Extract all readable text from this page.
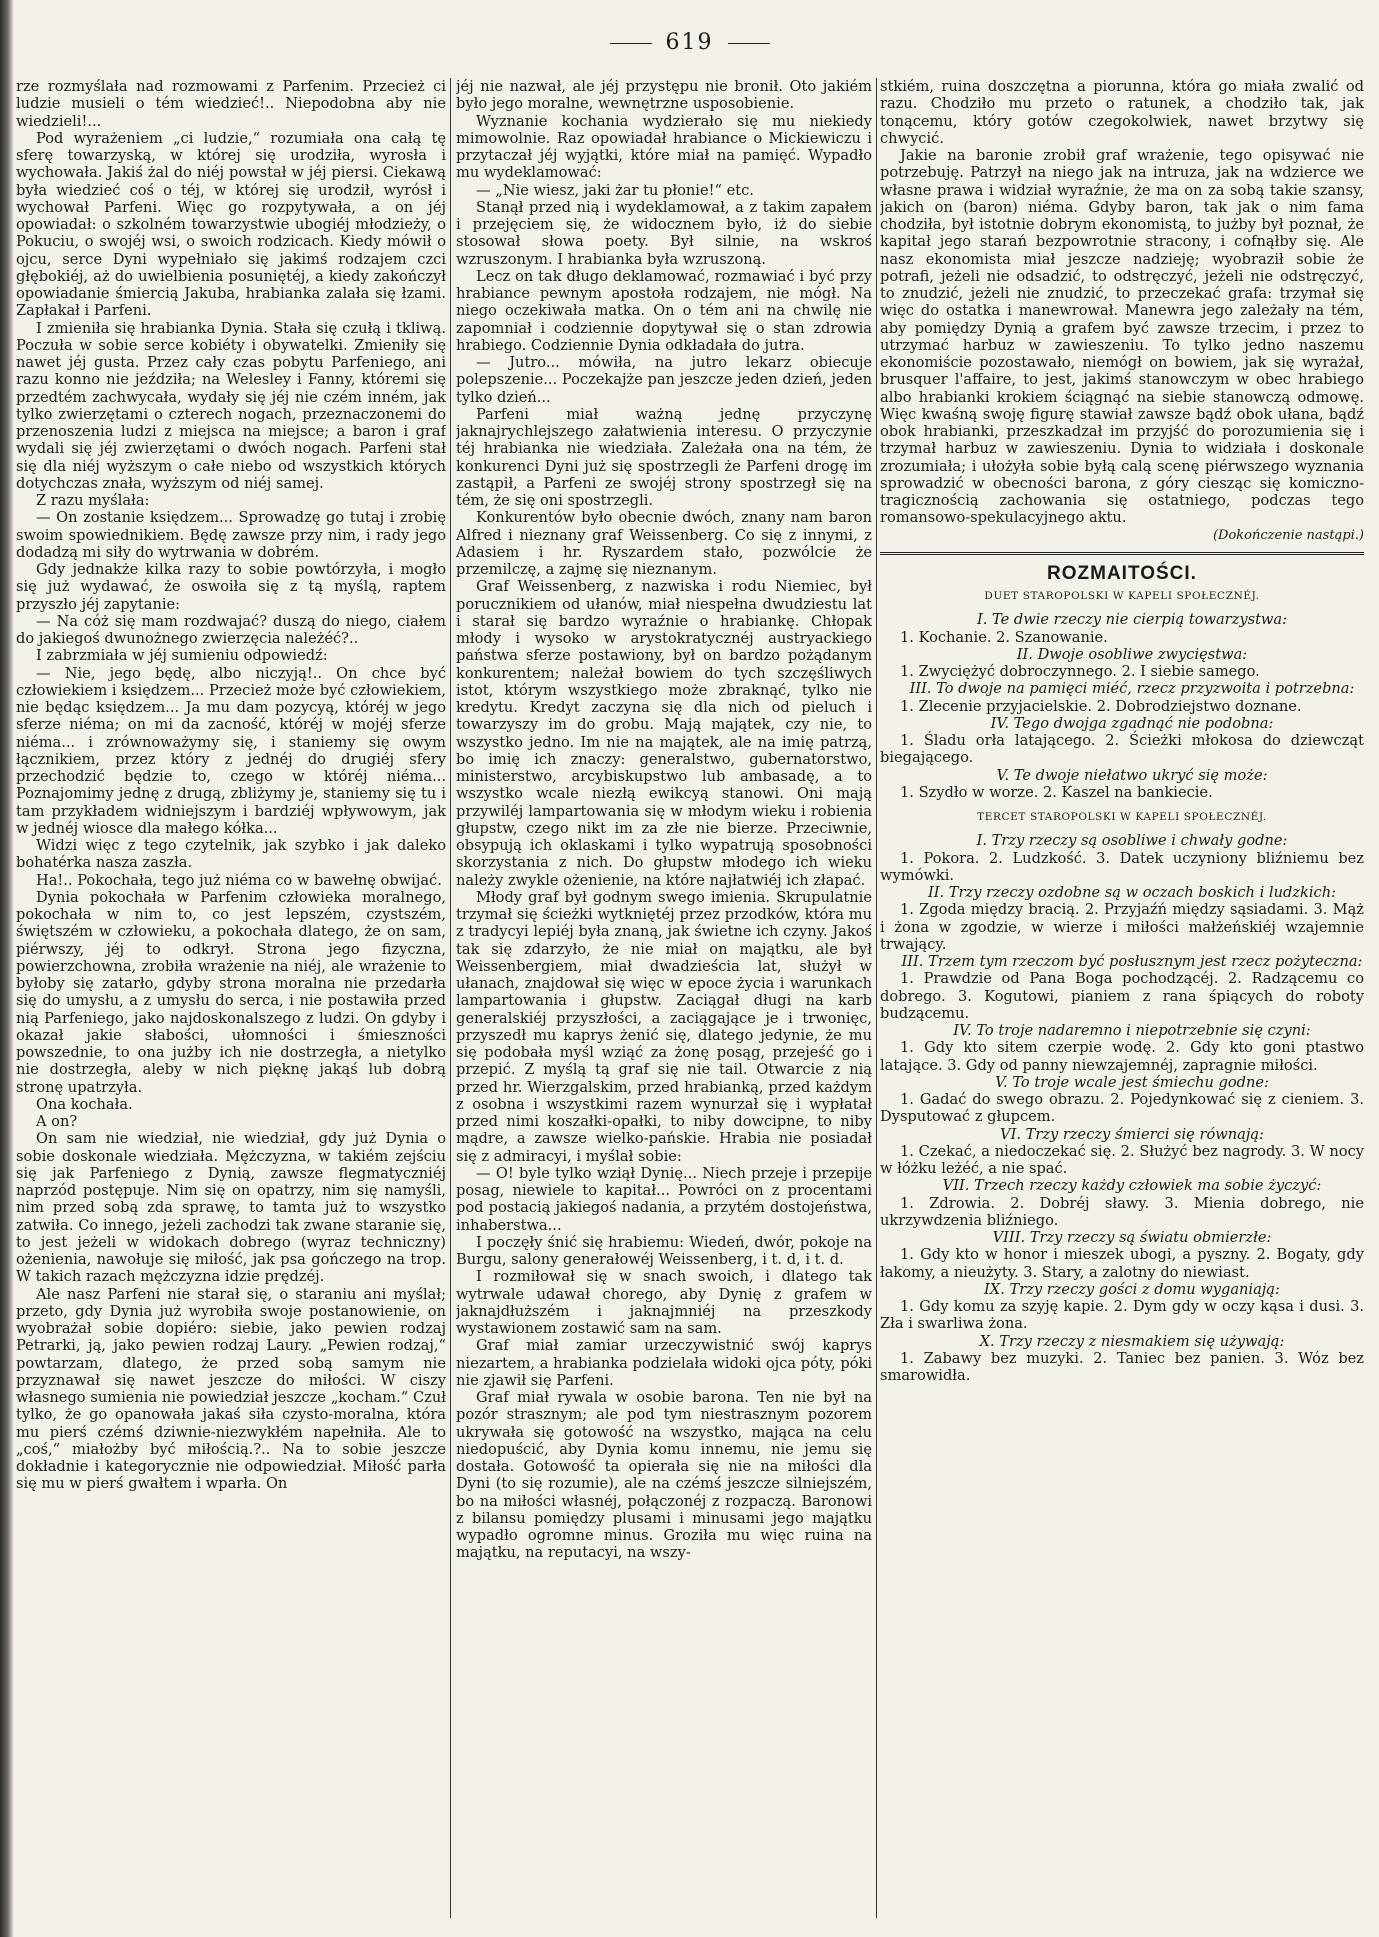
619

rze rozmyślała nad rozmowami z Parfenim. Przecież ci ludzie musieli o tém wiedzieć!.. Niepodobna aby nie wiedzieli!...

Pod wyrażeniem „ci ludzie,“ rozumiała ona całą tę sferę towarzyską, w której się urodziła, wyrosła i wychowała. Jakiś żal do niéj powstał w jéj piersi. Ciekawą była wiedzieć coś o téj, w której się urodził, wyrósł i wychował Parfeni. Więc go rozpytywała, a on jéj opowiadał: o szkolném towarzystwie ubogiéj młodzieży, o Pokuciu, o swojéj wsi, o swoich rodzicach. Kiedy mówił o ojcu, serce Dyni wypełniało się jakimś rodzajem czci głębokiéj, aż do uwielbienia posuniętéj, a kiedy zakończył opowiadanie śmiercią Jakuba, hrabianka zalała się łzami. Zapłakał i Parfeni.

I zmieniła się hrabianka Dynia. Stała się czułą i tkliwą. Poczuła w sobie serce kobiéty i obywatelki. Zmieniły się nawet jéj gusta. Przez cały czas pobytu Parfeniego, ani razu konno nie jeździła; na Welesley i Fanny, któremi się przedtém zachwycała, wydały się jéj nie czém inném, jak tylko zwierzętami o czterech nogach, przeznaczonemi do przenoszenia ludzi z miejsca na miejsce; a baron i graf wydali się jéj zwierzętami o dwóch nogach. Parfeni stał się dla niéj wyższym o całe niebo od wszystkich których dotychczas znała, wyższym od niéj samej.

Z razu myślała:

— On zostanie księdzem... Sprowadzę go tutaj i zrobię swoim spowiednikiem. Będę zawsze przy nim, i rady jego dodadzą mi siły do wytrwania w dobrém.

Gdy jednakże kilka razy to sobie powtórzyła, i mogło się już wydawać, że oswoiła się z tą myślą, raptem przyszło jéj zapytanie:

— Na cóż się mam rozdwajać? duszą do niego, ciałem do jakiegoś dwunożnego zwierzęcia należéć?..

I zabrzmiała w jéj sumieniu odpowiedź:

— Nie, jego będę, albo niczyją!.. On chce być człowiekiem i księdzem... Przecież może być człowiekiem, nie będąc księdzem... Ja mu dam pozycyą, któréj w jego sferze niéma; on mi da zacność, któréj w mojéj sferze niéma... i zrównoważymy się, i staniemy się owym łącznikiem, przez który z jednéj do drugiéj sfery przechodzić będzie to, czego w któréj niéma... Poznajomimy jednę z drugą, zbliżymy je, staniemy się tu i tam przykładem widniejszym i bardziéj wpływowym, jak w jednéj wiosce dla małego kółka...

Widzi więc z tego czytelnik, jak szybko i jak daleko bohatérka nasza zaszła.

Ha!.. Pokochała, tego już niéma co w bawełnę obwijać.

Dynia pokochała w Parfenim człowieka moralnego, pokochała w nim to, co jest lepszém, czystszém, świętszém w człowieku, a pokochała dlatego, że on sam, piérwszy, jéj to odkrył. Strona jego fizyczna, powierzchowna, zrobiła wrażenie na niéj, ale wrażenie to byłoby się zatarło, gdyby strona moralna nie przedarła się do umysłu, a z umysłu do serca, i nie postawiła przed nią Parfeniego, jako najdoskonalszego z ludzi. On gdyby i okazał jakie słabości, ułomności i śmieszności powszednie, to ona jużby ich nie dostrzegła, a nietylko nie dostrzegła, aleby w nich pięknę jakąś lub dobrą stronę upatrzyła.

Ona kochała.

A on?

On sam nie wiedział, nie wiedział, gdy już Dynia o sobie doskonale wiedziała. Mężczyzna, w takiém zejściu się jak Parfeniego z Dynią, zawsze flegmatyczniéj naprzód postępuje. Nim się on opatrzy, nim się namyśli, nim przed sobą zda sprawę, to tamta już to wszystko zatwiła. Co innego, jeżeli zachodzi tak zwane staranie się, to jest jeżeli w widokach dobrego (wyraz techniczny) ożenienia, nawołuje się miłość, jak psa gończego na trop. W takich razach mężczyzna idzie prędzéj.

Ale nasz Parfeni nie starał się, o staraniu ani myślał; przeto, gdy Dynia już wyrobiła swoje postanowienie, on wyobrażał sobie dopiéro: siebie, jako pewien rodzaj Petrarki, ją, jako pewien rodzaj Laury. „Pewien rodzaj,“ powtarzam, dlatego, że przed sobą samym nie przyznawał się nawet jeszcze do miłości. W ciszy własnego sumienia nie powiedział jeszcze „kocham.“ Czuł tylko, że go opanowała jakaś siła czysto-moralna, która mu pierś czémś dziwnie-niezwykłém napełniła. Ale to „coś,“ miałożby być miłością.?.. Na to sobie jeszcze dokładnie i kategorycznie nie odpowiedział. Miłość parła się mu w pierś gwałtem i wparła. On

jéj nie nazwał, ale jéj przystępu nie bronił. Oto jakiém było jego moralne, wewnętrzne usposobienie.

Wyznanie kochania wydzierało się mu niekiedy mimowolnie. Raz opowiadał hrabiance o Mickiewiczu i przytaczał jéj wyjątki, które miał na pamięć. Wypadło mu wydeklamować:

— „Nie wiesz, jaki żar tu płonie!“ etc.

Stanął przed nią i wydeklamował, a z takim zapałem i przejęciem się, że widocznem było, iż do siebie stosował słowa poety. Był silnie, na wskroś wzruszonym. I hrabianka była wzruszoną.

Lecz on tak długo deklamować, rozmawiać i być przy hrabiance pewnym apostoła rodzajem, nie mógł. Na niego oczekiwała matka. On o tém ani na chwilę nie zapomniał i codziennie dopytywał się o stan zdrowia hrabiego. Codziennie Dynia odkładała do jutra.

— Jutro... mówiła, na jutro lekarz obiecuje polepszenie... Poczekajże pan jeszcze jeden dzień, jeden tylko dzień...

Parfeni miał ważną jednę przyczynę jaknajrychlejszego załatwienia interesu. O przyczynie téj hrabianka nie wiedziała. Zależała ona na tém, że konkurenci Dyni już się spostrzegli że Parfeni drogę im zastąpił, a Parfeni ze swojéj strony spostrzegł się na tém, że się oni spostrzegli.

Konkurentów było obecnie dwóch, znany nam baron Alfred i nieznany graf Weissenberg. Co się z innymi, z Adasiem i hr. Ryszardem stało, pozwólcie że przemilczę, a zajmę się nieznanym.

Graf Weissenberg, z nazwiska i rodu Niemiec, był porucznikiem od ułanów, miał niespełna dwudziestu lat i starał się bardzo wyraźnie o hrabiankę. Chłopak młody i wysoko w arystokratycznéj austryackiego państwa sferze postawiony, był on bardzo pożądanym konkurentem; należał bowiem do tych szczęśliwych istot, którym wszystkiego może zbraknąć, tylko nie kredytu. Kredyt zaczyna się dla nich od pieluch i towarzyszy im do grobu. Mają majątek, czy nie, to wszystko jedno. Im nie na majątek, ale na imię patrzą, bo imię ich znaczy: generalstwo, gubernatorstwo, ministerstwo, arcybiskupstwo lub ambasadę, a to wszystko wcale niezłą ewikcyą stanowi. Oni mają przywiléj lampartowania się w młodym wieku i robienia głupstw, czego nikt im za złe nie bierze. Przeciwnie, obsypują ich oklaskami i tylko wypatrują sposobności skorzystania z nich. Do głupstw młodego ich wieku należy zwykle ożenienie, na które najłatwiéj ich złapać.

Młody graf był godnym swego imienia. Skrupulatnie trzymał się ścieżki wytkniętéj przez przodków, która mu z tradycyi lepiéj była znaną, jak świetne ich czyny. Jakoś tak się zdarzyło, że nie miał on majątku, ale był Weissenbergiem, miał dwadzieścia lat, służył w ułanach, znajdował się więc w epoce życia i warunkach lampartowania i głupstw. Zaciągał długi na karb generalskiéj przyszłości, a zaciągające je i trwonięc, przyszedł mu kaprys żenić się, dlatego jedynie, że mu się podobała myśl wziąć za żonę posąg, przejeść go i przepić. Z myślą tą graf się nie tail. Otwarcie z nią przed hr. Wierzgalskim, przed hrabianką, przed każdym z osobna i wszystkimi razem wynurzał się i wypłatał przed nimi koszałki-opałki, to niby dowcipne, to niby mądre, a zawsze wielko-pańskie. Hrabia nie posiadał się z admiracyi, i myślał sobie:

— O! byle tylko wziął Dynię... Niech przeje i przepije posag, niewiele to kapitał... Powróci on z procentami pod postacią jakiegoś nadania, a przytém dostojeństwa, inhaberstwa...

I poczęły śnić się hrabiemu: Wiedeń, dwór, pokoje na Burgu, salony generałowéj Weissenberg, i t. d, i t. d.

I rozmiłował się w snach swoich, i dlatego tak wytrwale udawał chorego, aby Dynię z grafem w jaknajdłuższém i jaknajmniéj na przeszkody wystawionem zostawić sam na sam.

Graf miał zamiar urzeczywistnić swój kaprys niezartem, a hrabianka podzielała widoki ojca póty, póki nie zjawił się Parfeni.

Graf miał rywala w osobie barona. Ten nie był na pozór strasznym; ale pod tym niestrasznym pozorem ukrywała się gotowość na wszystko, mająca na celu niedopuścić, aby Dynia komu innemu, nie jemu się dostała. Gotowość ta opierała się nie na miłości dla Dyni (to się rozumie), ale na czémś jeszcze silniejszém, bo na miłości własnéj, połączonéj z rozpaczą. Baronowi z bilansu pomiędzy plusami i minusami jego majątku wypadło ogromne minus. Groziła mu więc ruina na majątku, na reputacyi, na wszy-

stkiém, ruina doszczętna a piorunna, która go miała zwalić od razu. Chodziło mu przeto o ratunek, a chodziło tak, jak tonącemu, który gotów czegokolwiek, nawet brzytwy się chwycić.

Jakie na baronie zrobił graf wrażenie, tego opisywać nie potrzebuję. Patrzył na niego jak na intruza, jak na wdzierce we własne prawa i widział wyraźnie, że ma on za sobą takie szansy, jakich on (baron) niéma. Gdyby baron, tak jak o nim fama chodziła, był istotnie dobrym ekonomistą, to jużby był poznał, że kapitał jego starań bezpowrotnie stracony, i cofnąłby się. Ale nasz ekonomista miał jeszcze nadzieję; wyobraził sobie że potrafi, jeżeli nie odsadzić, to odstręczyć, jeżeli nie odstręczyć, to znudzić, jeżeli nie znudzić, to przeczekać grafa: trzymał się więc do ostatka i manewrował. Manewra jego zależały na tém, aby pomiędzy Dynią a grafem być zawsze trzecim, i przez to utrzymać harbuz w zawieszeniu. To tylko jedno naszemu ekonomiście pozostawało, niemógł on bowiem, jak się wyrażał, brusquer l'affaire, to jest, jakimś stanowczym w obec hrabiego albo hrabianki krokiem ściągnąć na siebie stanowczą odmowę. Więc kwaśną swoję figurę stawiał zawsze bądź obok ułana, bądź obok hrabianki, przeszkadzał im przyjść do porozumienia się i trzymał harbuz w zawieszeniu. Dynia to widziała i doskonale zrozumiała; i ułożyła sobie byłą calą scenę piérwszego wyznania sprowadzić w obecności barona, z góry ciesząc się komiczno-tragicznością zachowania się ostatniego, podczas tego romansowo-spekulacyjnego aktu.

(Dokończenie nastąpi.)

ROZMAITOŚCI.
DUET STAROPOLSKI W KAPELI SPOŁECZNÉJ.

I. Te dwie rzeczy nie cierpią towarzystwa:

1. Kochanie. 2. Szanowanie.

II. Dwoje osobliwe zwycięstwa:

1. Zwyciężyć dobroczynnego. 2. I siebie samego.

III. To dwoje na pamięci miéć, rzecz przyzwoita i potrzebna:

1. Zlecenie przyjacielskie. 2. Dobrodziejstwo doznane.

IV. Tego dwojga zgadnąć nie podobna:

1. Śladu orła latającego. 2. Ścieżki młokosa do dziewcząt biegającego.

V. Te dwoje niełatwo ukryć się może:

1. Szydło w worze. 2. Kaszel na bankiecie.

TERCET STAROPOLSKI W KAPELI SPOŁECZNÉJ.

I. Trzy rzeczy są osobliwe i chwały godne:

1. Pokora. 2. Ludzkość. 3. Datek uczyniony bliźniemu bez wymówki.

II. Trzy rzeczy ozdobne są w oczach boskich i ludzkich:

1. Zgoda między bracią. 2. Przyjaźń między sąsiadami. 3. Mąż i żona w zgodzie, w wierze i miłości małżeńskiéj wzajemnie trwający.

III. Trzem tym rzeczom być posłusznym jest rzecz pożyteczna:

1. Prawdzie od Pana Boga pochodzącéj. 2. Radzącemu co dobrego. 3. Kogutowi, pianiem z rana śpiących do roboty budzącemu.

IV. To troje nadaremno i niepotrzebnie się czyni:

1. Gdy kto sitem czerpie wodę. 2. Gdy kto goni ptastwo latające. 3. Gdy od panny niewzajemnéj, zapragnie miłości.

V. To troje wcale jest śmiechu godne:

1. Gadać do swego obrazu. 2. Pojedynkować się z cieniem. 3. Dysputować z głupcem.

VI. Trzy rzeczy śmierci się równają:

1. Czekać, a niedoczekać się. 2. Służyć bez nagrody. 3. W nocy w łóżku leżéć, a nie spać.

VII. Trzech rzeczy każdy człowiek ma sobie życzyć:

1. Zdrowia. 2. Dobréj sławy. 3. Mienia dobrego, nie ukrzywdzenia bliźniego.

VIII. Trzy rzeczy są światu obmierzłe:

1. Gdy kto w honor i mieszek ubogi, a pyszny. 2. Bogaty, gdy łakomy, a nieużyty. 3. Stary, a zalotny do niewiast.

IX. Trzy rzeczy gości z domu wyganiają:

1. Gdy komu za szyję kapie. 2. Dym gdy w oczy kąsa i dusi. 3. Zła i swarliwa żona.

X. Trzy rzeczy z niesmakiem się używają:

1. Zabawy bez muzyki. 2. Taniec bez panien. 3. Wóz bez smarowidła.
